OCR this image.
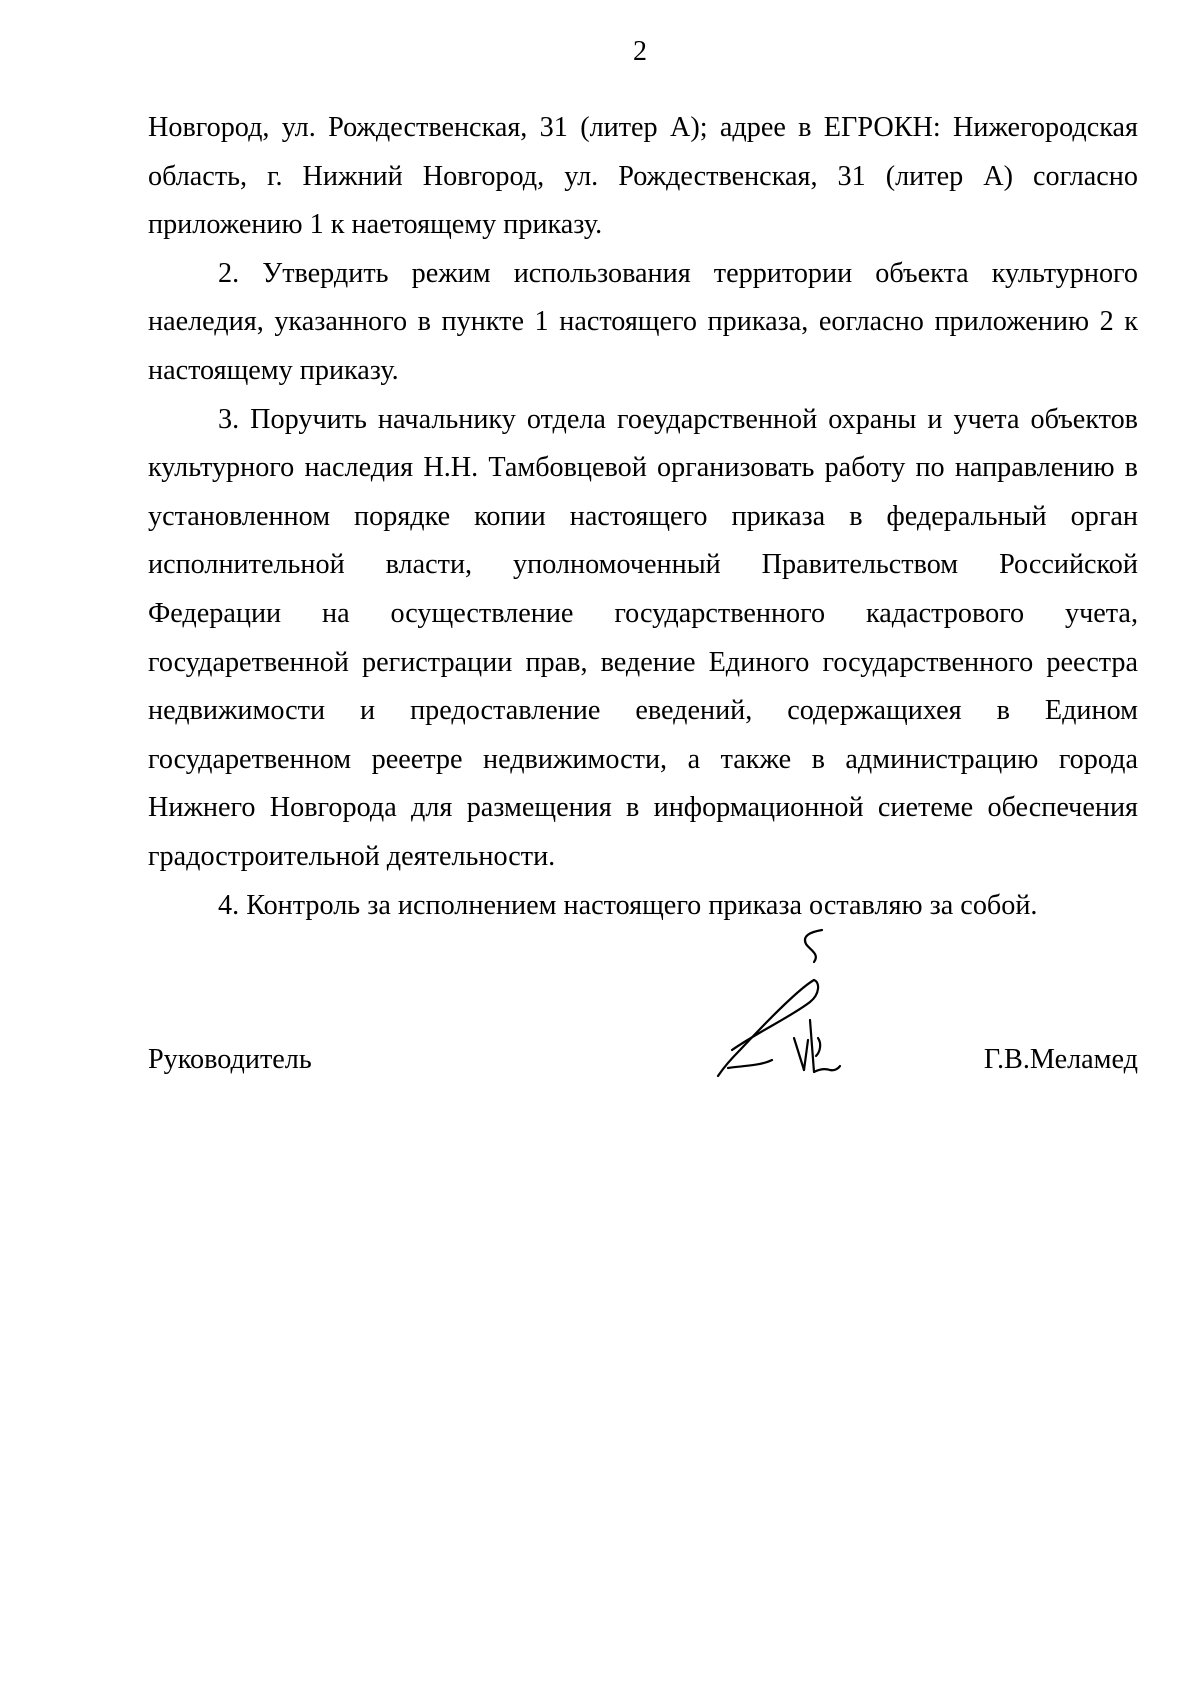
2
Новгород, ул. Рождественская, 31 (литер А); адрее в ЕГРОКН: Нижегородская
область, г. Нижний Новгород, ул. Рождественская, 31 (литер А) согласно
приложению 1 к наетоящему приказу.
2. Утвердить режим использования территории объекта культурного
наеледия, указанного в пункте 1 настоящего приказа, еогласно приложению 2 к
настоящему приказу.
3. Поручить начальнику отдела гоеударственной охраны и учета объектов
культурного наследия Н.Н. Тамбовцевой организовать работу по направлению в
установленном порядке копии настоящего приказа в федеральный орган
исполнительной власти, уполномоченный Правительством Российской
Федерации на осуществление государственного кадастрового учета,
государетвенной регистрации прав, ведение Единого государственного реестра
недвижимости и предоставление еведений, содержащихея в Едином
государетвенном рееетре недвижимости, а также в администрацию города
Нижнего Новгорода для размещения в информационной сиетеме обеспечения
градостроительной деятельности.
4. Контроль за исполнением настоящего приказа оставляю за собой.
Руководитель	Г.В.Меламед
